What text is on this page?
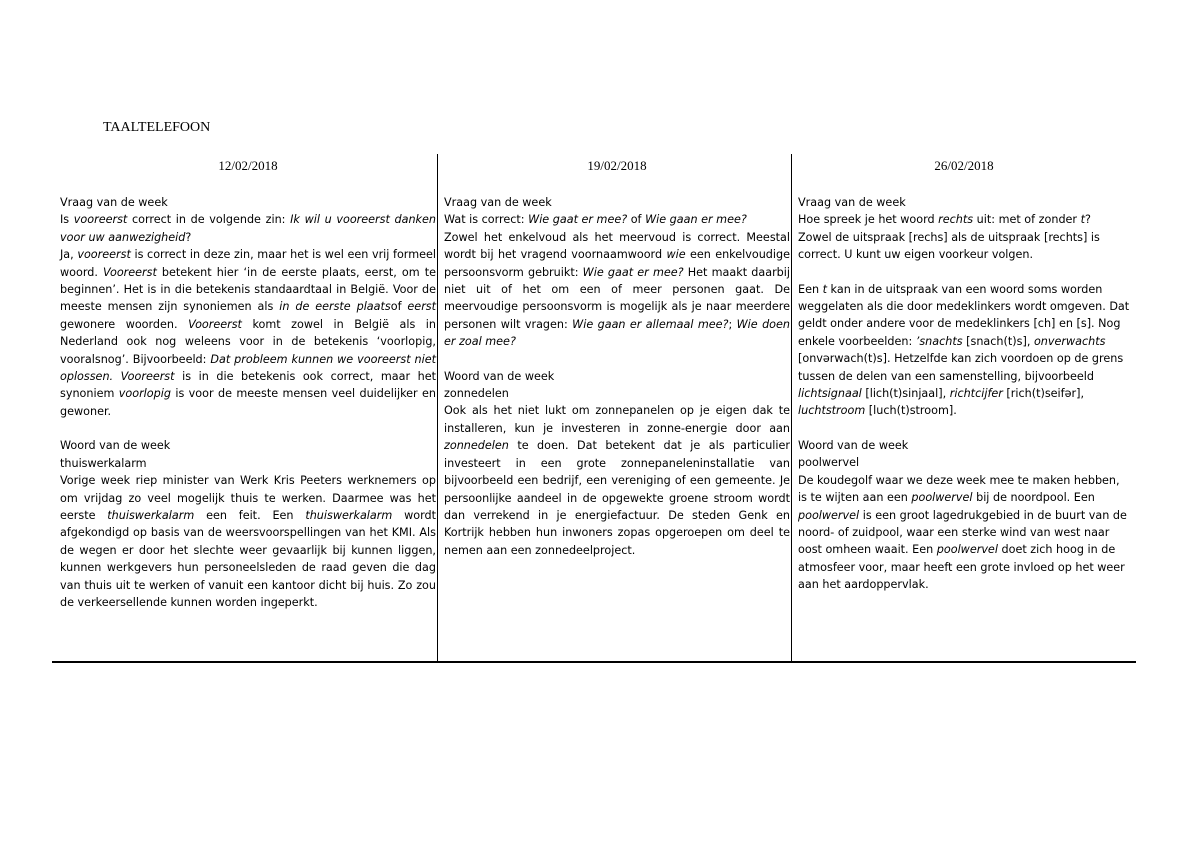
TAALTELEFOON
12/02/2018

Vraag van de week

Is vooreerst correct in de volgende zin: Ik wil u vooreerst danken voor uw aanwezigheid?

Ja, vooreerst is correct in deze zin, maar het is wel een vrij formeel woord. Vooreerst betekent hier ‘in de eerste plaats, eerst, om te beginnen’. Het is in die betekenis standaardtaal in België. Voor de meeste mensen zijn synoniemen als in de eerste plaatsof eerst gewonere woorden. Vooreerst komt zowel in België als in Nederland ook nog weleens voor in de betekenis ‘voorlopig, vooralsnog’. Bijvoorbeeld: Dat probleem kunnen we vooreerst niet oplossen. Vooreerst is in die betekenis ook correct, maar het synoniem voorlopig is voor de meeste mensen veel duidelijker en gewoner.

Woord van de week

thuiswerkalarm

Vorige week riep minister van Werk Kris Peeters werknemers op om vrijdag zo veel mogelijk thuis te werken. Daarmee was het eerste thuiswerkalarm een feit. Een thuiswerkalarm wordt afgekondigd op basis van de weersvoorspellingen van het KMI. Als de wegen er door het slechte weer gevaarlijk bij kunnen liggen, kunnen werkgevers hun personeelsleden de raad geven die dag van thuis uit te werken of vanuit een kantoor dicht bij huis. Zo zou de verkeersellende kunnen worden ingeperkt.

19/02/2018

Vraag van de week

Wat is correct: Wie gaat er mee? of Wie gaan er mee?

Zowel het enkelvoud als het meervoud is correct. Meestal wordt bij het vragend voornaamwoord wie een enkelvoudige persoonsvorm gebruikt: Wie gaat er mee? Het maakt daarbij niet uit of het om een of meer personen gaat. De meervoudige persoonsvorm is mogelijk als je naar meerdere personen wilt vragen: Wie gaan er allemaal mee?; Wie doen er zoal mee?

Woord van de week

zonnedelen

Ook als het niet lukt om zonnepanelen op je eigen dak te installeren, kun je investeren in zonne-energie door aan zonnedelen te doen. Dat betekent dat je als particulier investeert in een grote zonnepaneleninstallatie van bijvoorbeeld een bedrijf, een vereniging of een gemeente. Je persoonlijke aandeel in de opgewekte groene stroom wordt dan verrekend in je energiefactuur. De steden Genk en Kortrijk hebben hun inwoners zopas opgeroepen om deel te nemen aan een zonnedeelproject.

26/02/2018

Vraag van de week

Hoe spreek je het woord rechts uit: met of zonder t?

Zowel de uitspraak [rechs] als de uitspraak [rechts] is correct. U kunt uw eigen voorkeur volgen.

Een t kan in de uitspraak van een woord soms worden weggelaten als die door medeklinkers wordt omgeven. Dat geldt onder andere voor de medeklinkers [ch] en [s]. Nog enkele voorbeelden: ’snachts [snach(t)s], onverwachts [onvərwach(t)s]. Hetzelfde kan zich voordoen op de grens tussen de delen van een samenstelling, bijvoorbeeld lichtsignaal [lich(t)sinjaal], richtcijfer [rich(t)seifər], luchtstroom [luch(t)stroom].

Woord van de week

poolwervel

De koudegolf waar we deze week mee te maken hebben, is te wijten aan een poolwervel bij de noordpool. Een poolwervel is een groot lagedrukgebied in de buurt van de noord- of zuidpool, waar een sterke wind van west naar oost omheen waait. Een poolwervel doet zich hoog in de atmosfeer voor, maar heeft een grote invloed op het weer aan het aardoppervlak.
